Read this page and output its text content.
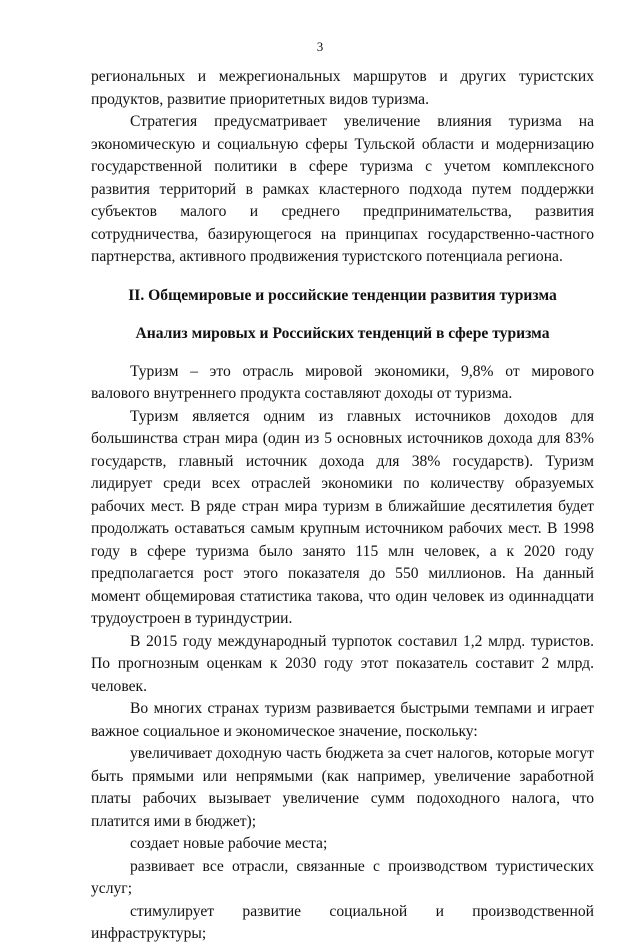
3

региональных и межрегиональных маршрутов и других туристских продуктов, развитие приоритетных видов туризма.

Стратегия предусматривает увеличение влияния туризма на экономическую и социальную сферы Тульской области и модернизацию государственной политики в сфере туризма с учетом комплексного развития территорий в рамках кластерного подхода путем поддержки субъектов малого и среднего предпринимательства, развития сотрудничества, базирующегося на принципах государственно-частного партнерства, активного продвижения туристского потенциала региона.

II. Общемировые и российские тенденции развития туризма
Анализ мировых и Российских тенденций в сфере туризма

Туризм – это отрасль мировой экономики, 9,8% от мирового валового внутреннего продукта составляют доходы от туризма.

Туризм является одним из главных источников доходов для большинства стран мира (один из 5 основных источников дохода для 83% государств, главный источник дохода для 38% государств). Туризм лидирует среди всех отраслей экономики по количеству образуемых рабочих мест. В ряде стран мира туризм в ближайшие десятилетия будет продолжать оставаться самым крупным источником рабочих мест. В 1998 году в сфере туризма было занято 115 млн человек, а к 2020 году предполагается рост этого показателя до 550 миллионов. На данный момент общемировая статистика такова, что один человек из одиннадцати трудоустроен в туриндустрии.

В 2015 году международный турпоток составил 1,2 млрд. туристов. По прогнозным оценкам к 2030 году этот показатель составит 2 млрд. человек.

Во многих странах туризм развивается быстрыми темпами и играет важное социальное и экономическое значение, поскольку:

увеличивает доходную часть бюджета за счет налогов, которые могут быть прямыми или непрямыми (как например, увеличение заработной платы рабочих вызывает увеличение сумм подоходного налога, что платится ими в бюджет);

создает новые рабочие места;

развивает все отрасли, связанные с производством туристических услуг;

стимулирует развитие социальной и производственной инфраструктуры;
